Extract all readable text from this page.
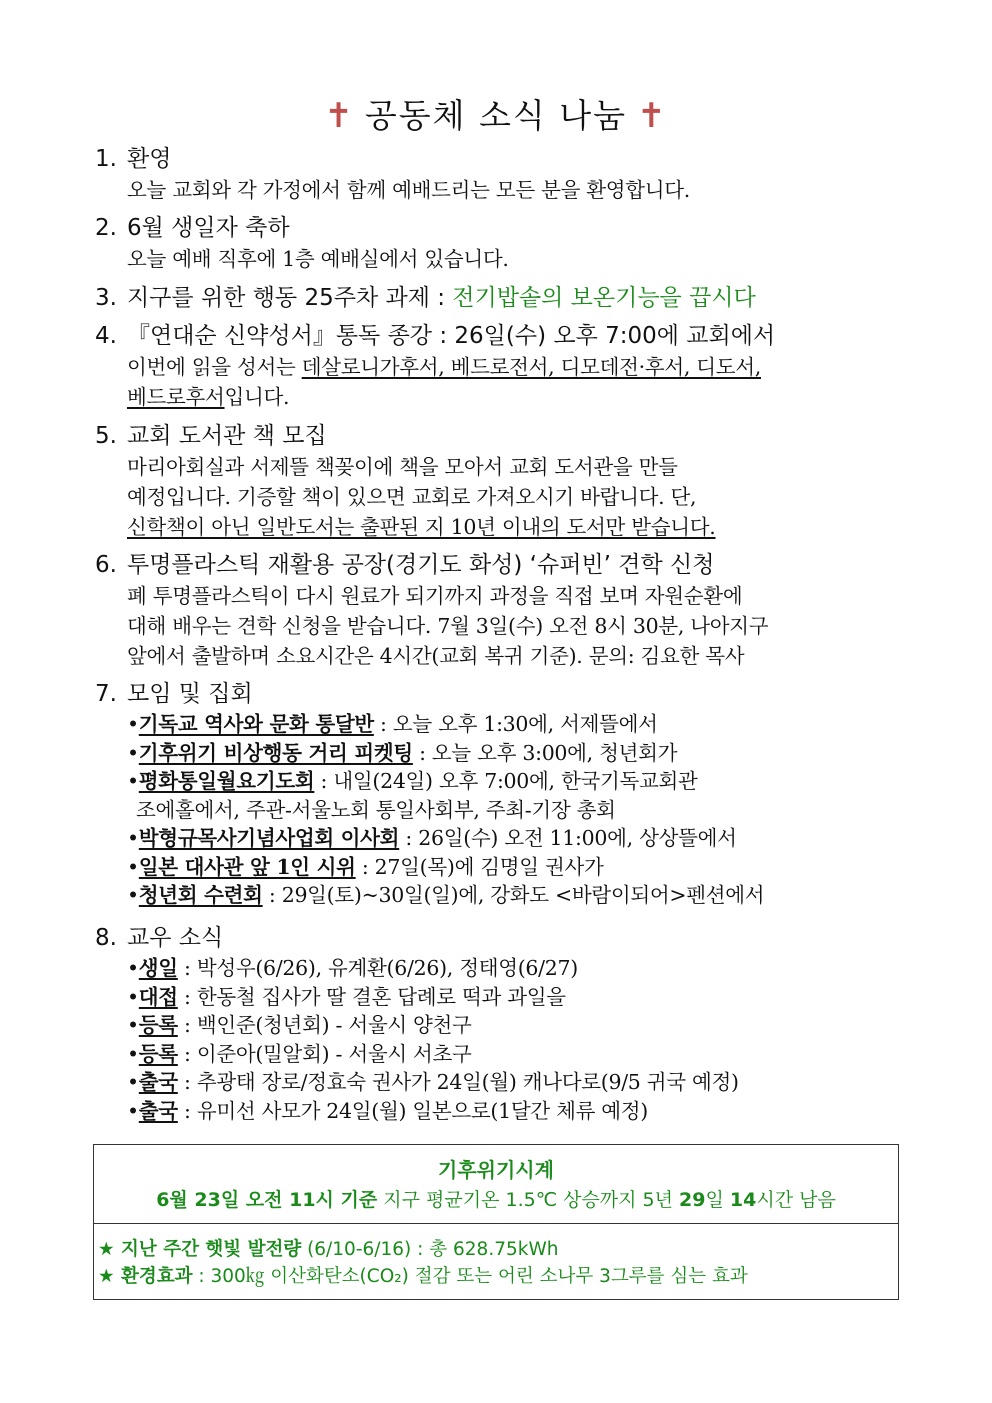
✝ 공동체 소식 나눔 ✝
1. 환영
오늘 교회와 각 가정에서 함께 예배드리는 모든 분을 환영합니다.
2. 6월 생일자 축하
오늘 예배 직후에 1층 예배실에서 있습니다.
3. 지구를 위한 행동 25주차 과제 : 전기밥솥의 보온기능을 끕시다
4. 『연대순 신약성서』통독 종강 : 26일(수) 오후 7:00에 교회에서
이번에 읽을 성서는 데살로니가후서, 베드로전서, 디모데전·후서, 디도서,
베드로후서입니다.
5. 교회 도서관 책 모집
마리아회실과 서제뜰 책꽂이에 책을 모아서 교회 도서관을 만들
예정입니다. 기증할 책이 있으면 교회로 가져오시기 바랍니다. 단,
신학책이 아닌 일반도서는 출판된 지 10년 이내의 도서만 받습니다.
6. 투명플라스틱 재활용 공장(경기도 화성) ‘슈퍼빈’ 견학 신청
폐 투명플라스틱이 다시 원료가 되기까지 과정을 직접 보며 자원순환에
대해 배우는 견학 신청을 받습니다. 7월 3일(수) 오전 8시 30분, 나아지구
앞에서 출발하며 소요시간은 4시간(교회 복귀 기준). 문의: 김요한 목사
7. 모임 및 집회
•기독교 역사와 문화 통달반 : 오늘 오후 1:30에, 서제뜰에서
•기후위기 비상행동 거리 피켓팅 : 오늘 오후 3:00에, 청년회가
•평화통일월요기도회 : 내일(24일) 오후 7:00에, 한국기독교회관
조에홀에서, 주관-서울노회 통일사회부, 주최-기장 총회
•박형규목사기념사업회 이사회 : 26일(수) 오전 11:00에, 상상뜰에서
•일본 대사관 앞 1인 시위 : 27일(목)에 김명일 권사가
•청년회 수련회 : 29일(토)~30일(일)에, 강화도 <바람이되어>펜션에서
8. 교우 소식
•생일 : 박성우(6/26), 유계환(6/26), 정태영(6/27)
•대접 : 한동철 집사가 딸 결혼 답례로 떡과 과일을
•등록 : 백인준(청년회) - 서울시 양천구
•등록 : 이준아(밀알회) - 서울시 서초구
•출국 : 추광태 장로/정효숙 권사가 24일(월) 캐나다로(9/5 귀국 예정)
•출국 : 유미선 사모가 24일(월) 일본으로(1달간 체류 예정)
기후위기시계
6월 23일 오전 11시 기준 지구 평균기온 1.5℃ 상승까지 5년 29일 14시간 남음
★ 지난 주간 햇빛 발전량 (6/10-6/16) : 총 628.75kWh
★ 환경효과 : 300㎏ 이산화탄소(CO₂) 절감 또는 어린 소나무 3그루를 심는 효과
